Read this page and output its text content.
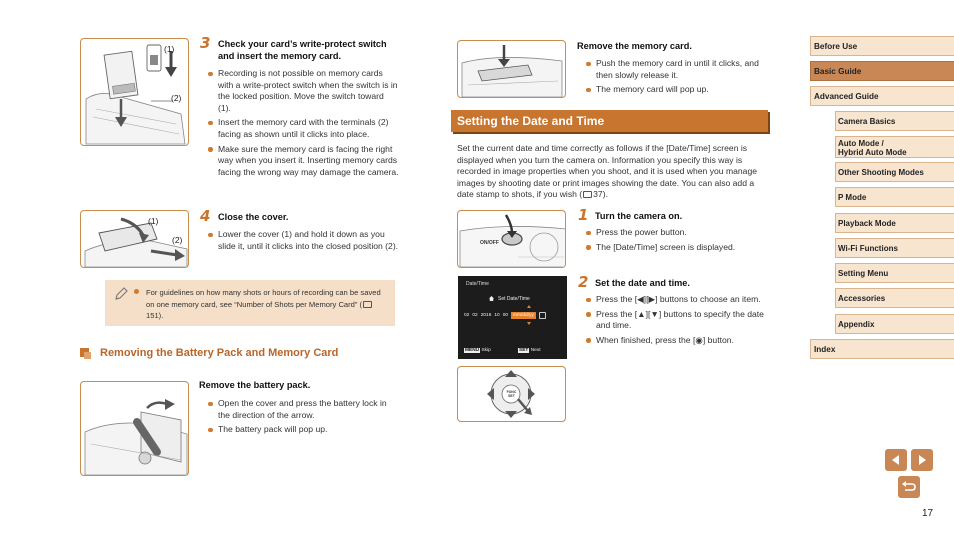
(1)
(2)
3 Check your card’s write-protect switch and insert the memory card.
Recording is not possible on memory cards with a write-protect switch when the switch is in the locked position. Move the switch toward (1).
Insert the memory card with the terminals (2) facing as shown until it clicks into place.
Make sure the memory card is facing the right way when you insert it. Inserting memory cards facing the wrong way may damage the camera.
(1)
(2)
4 Close the cover.
Lower the cover (1) and hold it down as you slide it, until it clicks into the closed position (2).
For guidelines on how many shots or hours of recording can be saved on one memory card, see “Number of Shots per Memory Card” (151).
Removing the Battery Pack and Memory Card
Remove the battery pack.
Open the cover and press the battery lock in the direction of the arrow.
The battery pack will pop up.
Remove the memory card.
Push the memory card in until it clicks, and then slowly release it.
The memory card will pop up.
Setting the Date and Time
Set the current date and time correctly as follows if the [Date/Time] screen is displayed when you turn the camera on. Information you specify this way is recorded in image properties when you shoot, and it is used when you manage images by shooting date or print images showing the date. You can also add a date stamp to shots, if you wish ( 37).
ON/OFF
1 Turn the camera on.
Press the power button.
The [Date/Time] screen is displayed.
Date/Time
Set Date/Time
02 02 2016 10 00	mm/dd/yy
MENU Skip	SET Next
FUNC SET
2 Set the date and time.
Press the [◀][▶] buttons to choose an item.
Press the [▲][▼] buttons to specify the date and time.
When finished, press the [◉] button.
Before Use
Basic Guide
Advanced Guide
Camera Basics
Auto Mode /
Hybrid Auto Mode
Other Shooting Modes
P Mode
Playback Mode
Wi-Fi Functions
Setting Menu
Accessories
Appendix
Index
17
